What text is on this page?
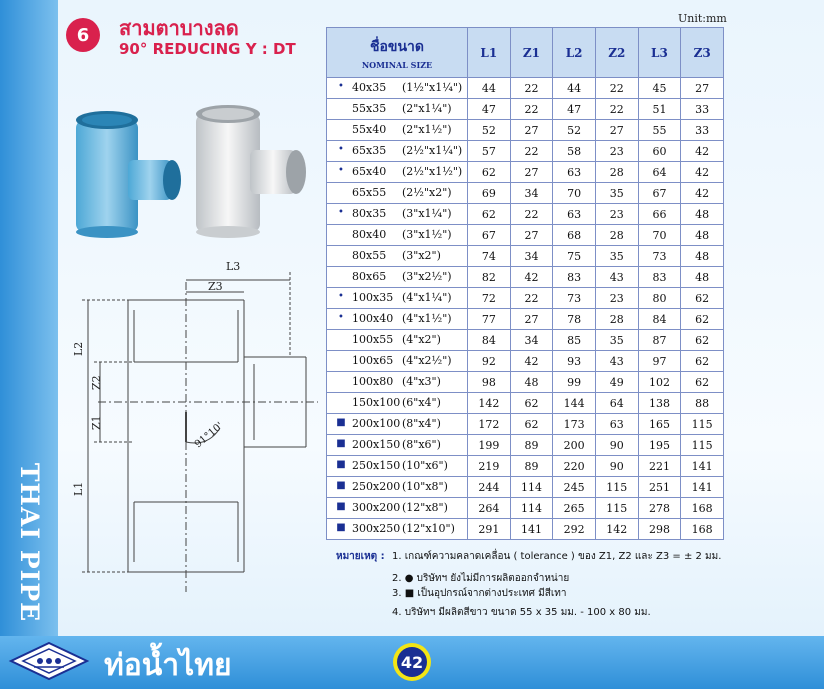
THAI PIPE
6	สามตาบางลด
90° REDUCING Y : DT
L3
Z3
L2
Z2
Z1
L1
91°10'
Unit:mm
ชื่อขนาด
NOMINAL SIZE	L1	Z1	L2	Z2	L3	Z3

• 40x35 (1½"x1¼")	44	22	44	22	45	27

55x35 (2"x1¼")	47	22	47	22	51	33

55x40 (2"x1½")	52	27	52	27	55	33

• 65x35 (2½"x1¼")	57	22	58	23	60	42

• 65x40 (2½"x1½")	62	27	63	28	64	42

65x55 (2½"x2")	69	34	70	35	67	42

• 80x35 (3"x1¼")	62	22	63	23	66	48

80x40 (3"x1½")	67	27	68	28	70	48

80x55 (3"x2")	74	34	75	35	73	48

80x65 (3"x2½")	82	42	83	43	83	48

• 100x35 (4"x1¼")	72	22	73	23	80	62

• 100x40 (4"x1½")	77	27	78	28	84	62

100x55 (4"x2")	84	34	85	35	87	62

100x65 (4"x2½")	92	42	93	43	97	62

100x80 (4"x3")	98	48	99	49	102	62

150x100 (6"x4")	142	62	144	64	138	88

■ 200x100 (8"x4")	172	62	173	63	165	115

■ 200x150 (8"x6")	199	89	200	90	195	115

■ 250x150 (10"x6")	219	89	220	90	221	141

■ 250x200 (10"x8")	244	114	245	115	251	141

■ 300x200 (12"x8")	264	114	265	115	278	168

■ 300x250 (12"x10")	291	141	292	142	298	168
หมายเหตุ : 1. เกณฑ์ความคลาดเคลื่อน ( tolerance ) ของ Z1, Z2 และ Z3 = ± 2 มม.
2. ● บริษัทฯ ยังไม่มีการผลิตออกจำหน่าย
3. ■ เป็นอุปกรณ์จากต่างประเทศ มีสีเทา
4. บริษัทฯ มีผลิตสีขาว ขนาด 55 x 35 มม. - 100 x 80 มม.
ท่อน้ำไทย	42
